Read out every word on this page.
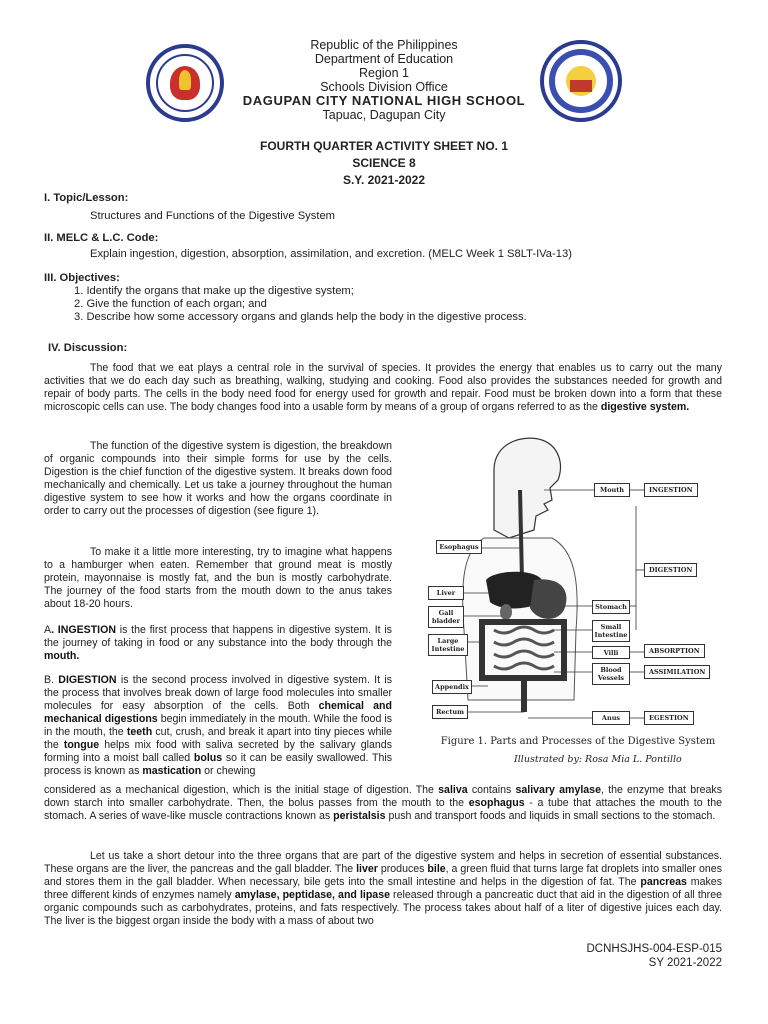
Republic of the Philippines
Department of Education
Region 1
Schools Division Office
DAGUPAN CITY NATIONAL HIGH SCHOOL
Tapuac, Dagupan City
FOURTH QUARTER ACTIVITY SHEET NO. 1
SCIENCE 8
S.Y. 2021-2022
I. Topic/Lesson:
Structures and Functions of the Digestive System
II. MELC & L.C. Code:
Explain ingestion, digestion, absorption, assimilation, and excretion. (MELC Week 1 S8LT-IVa-13)
III. Objectives:
1. Identify the organs that make up the digestive system;
2. Give the function of each organ; and
3. Describe how some accessory organs and glands help the body in the digestive process.
IV. Discussion:
The food that we eat plays a central role in the survival of species. It provides the energy that enables us to carry out the many activities that we do each day such as breathing, walking, studying and cooking. Food also provides the substances needed for growth and repair of body parts. The cells in the body need food for energy used for growth and repair. Food must be broken down into a form that these microscopic cells can use. The body changes food into a usable form by means of a group of organs referred to as the digestive system.
The function of the digestive system is digestion, the breakdown of organic compounds into their simple forms for use by the cells. Digestion is the chief function of the digestive system. It breaks down food mechanically and chemically. Let us take a journey throughout the human digestive system to see how it works and how the organs coordinate in order to carry out the processes of digestion (see figure 1).
To make it a little more interesting, try to imagine what happens to a hamburger when eaten. Remember that ground meat is mostly protein, mayonnaise is mostly fat, and the bun is mostly carbohydrate. The journey of the food starts from the mouth down to the anus takes about 18-20 hours.
A. INGESTION is the first process that happens in digestive system. It is the journey of taking in food or any substance into the body through the mouth.
B. DIGESTION is the second process involved in digestive system. It is the process that involves break down of large food molecules into smaller molecules for easy absorption of the cells. Both chemical and mechanical digestions begin immediately in the mouth. While the food is in the mouth, the teeth cut, crush, and break it apart into tiny pieces while the tongue helps mix food with saliva secreted by the salivary glands forming into a moist ball called bolus so it can be easily swallowed. This process is known as mastication or chewing
considered as a mechanical digestion, which is the initial stage of digestion. The saliva contains salivary amylase, the enzyme that breaks down starch into smaller carbohydrate. Then, the bolus passes from the mouth to the esophagus - a tube that attaches the mouth to the stomach. A series of wave-like muscle contractions known as peristalsis push and transport foods and liquids in small sections to the stomach.
Let us take a short detour into the three organs that are part of the digestive system and helps in secretion of essential substances. These organs are the liver, the pancreas and the gall bladder. The liver produces bile, a green fluid that turns large fat droplets into smaller ones and stores them in the gall bladder. When necessary, bile gets into the small intestine and helps in the digestion of fat. The pancreas makes three different kinds of enzymes namely amylase, peptidase, and lipase released through a pancreatic duct that aid in the digestion of all three organic compounds such as carbohydrates, proteins, and fats respectively. The process takes about half of a liter of digestive juices each day. The liver is the biggest organ inside the body with a mass of about two
Mouth
Esophagus
Liver
Gall bladder
Large Intestine
Appendix
Rectum
Stomach
Small Intestine
Villi
Blood Vessels
Anus
INGESTION
DIGESTION
ABSORPTION
ASSIMILATION
EGESTION
Figure 1. Parts and Processes of the Digestive System
Illustrated by: Rosa Mia L. Pontillo
DCNHSJHS-004-ESP-015
SY 2021-2022
